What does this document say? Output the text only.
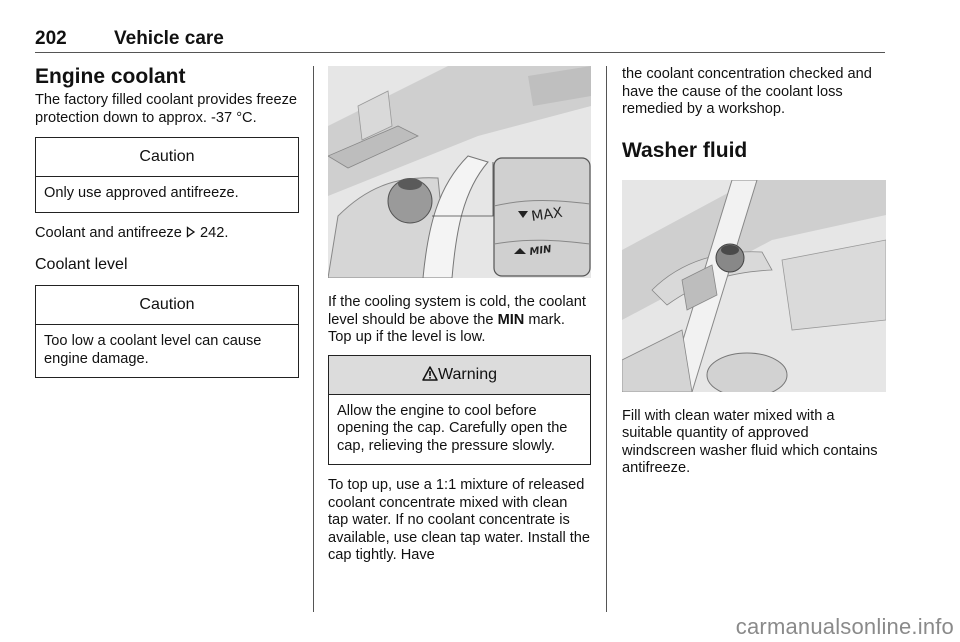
202 Vehicle care
Engine coolant

The factory filled coolant provides freeze protection down to approx. -37 °C.

Caution
Only use approved antifreeze.

Coolant and antifreeze  242.

Coolant level
Caution
Too low a coolant level can cause engine damage.
MAX
MIN

If the cooling system is cold, the coolant level should be above the MIN mark. Top up if the level is low.

Warning
Allow the engine to cool before opening the cap. Carefully open the cap, relieving the pressure slowly.

To top up, use a 1:1 mixture of released coolant concentrate mixed with clean tap water. If no coolant concentrate is available, use clean tap water. Install the cap tightly. Have

the coolant concentration checked and have the cause of the coolant loss remedied by a workshop.

Washer fluid

Fill with clean water mixed with a suitable quantity of approved windscreen washer fluid which contains antifreeze.

carmanualsonline.info
